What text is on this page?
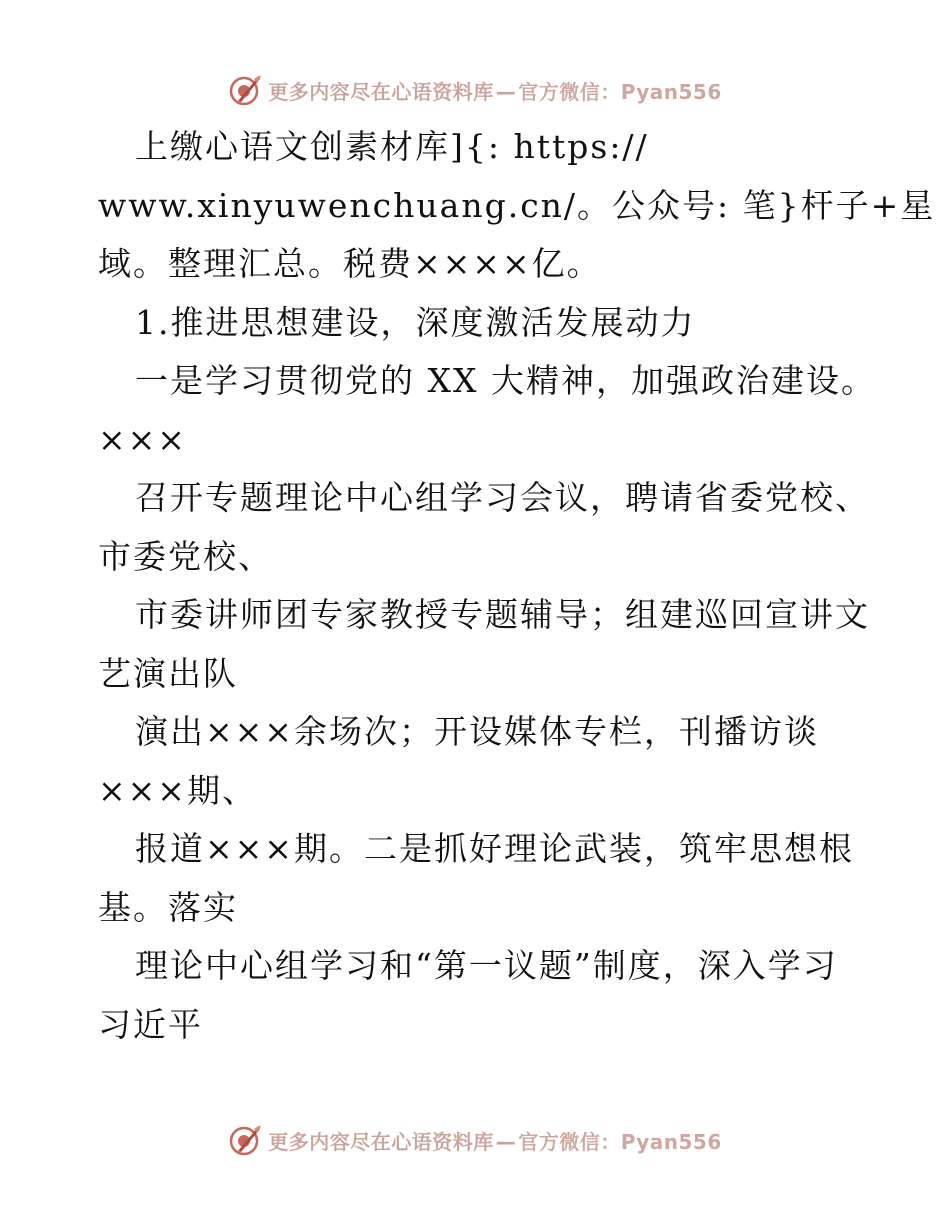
更多内容尽在心语资料库 — 官方微信：Pyan556
上缴心语文创素材库]{: https://
www.xinyuwenchuang.cn/。公众号: 笔}杆子+星
域。整理汇总。税费××××亿。
1.推进思想建设，深度激活发展动力
一是学习贯彻党的 XX 大精神，加强政治建设。
×××
召开专题理论中心组学习会议，聘请省委党校、
市委党校、
市委讲师团专家教授专题辅导；组建巡回宣讲文
艺演出队
演出×××余场次；开设媒体专栏，刊播访谈
×××期、
报道×××期。二是抓好理论武装，筑牢思想根
基。落实
理论中心组学习和“第一议题”制度，深入学习
习近平
更多内容尽在心语资料库 — 官方微信：Pyan556
